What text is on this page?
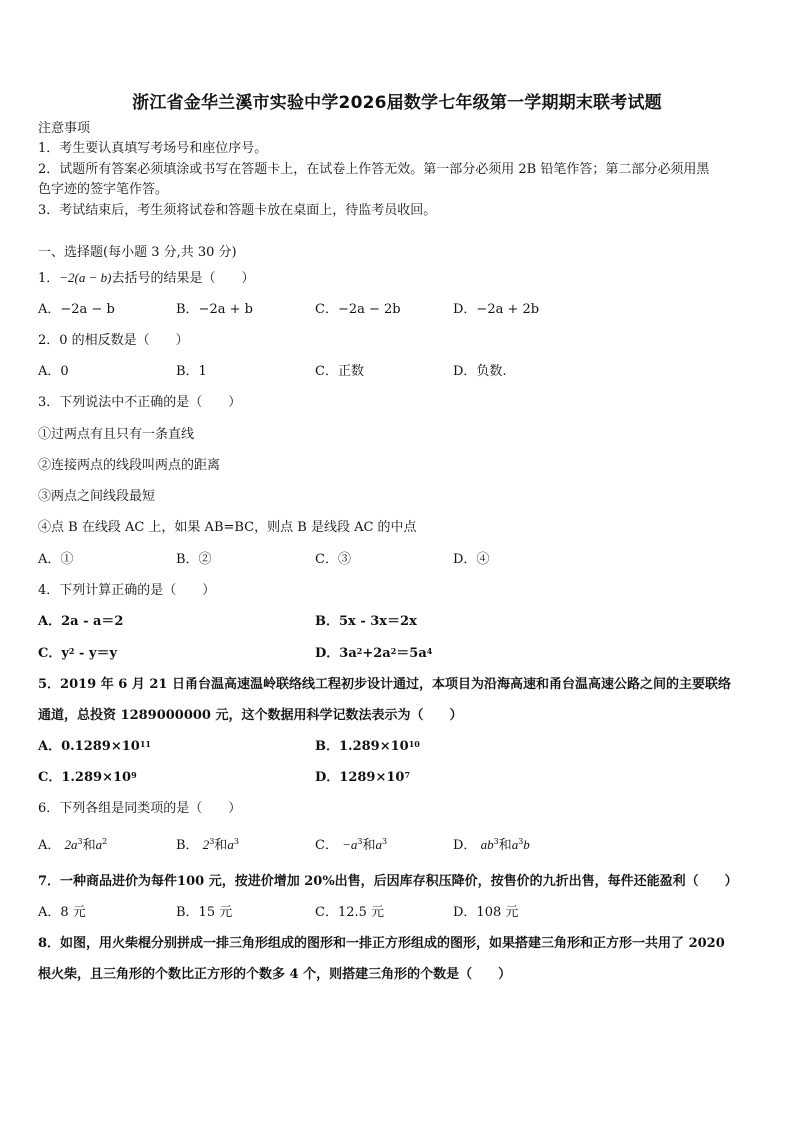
浙江省金华兰溪市实验中学2026届数学七年级第一学期期末联考试题
注意事项
1．考生要认真填写考场号和座位序号。
2．试题所有答案必须填涂或书写在答题卡上，在试卷上作答无效。第一部分必须用 2B 铅笔作答；第二部分必须用黑
色字迹的签字笔作答。
3．考试结束后，考生须将试卷和答题卡放在桌面上，待监考员收回。
一、选择题(每小题 3 分,共 30 分)
1．−2(a − b)去括号的结果是（　　）
A．−2a − b	B．−2a + b	C．−2a − 2b	D．−2a + 2b
2．0 的相反数是（　　）
A．0	B．1	C．正数	D．负数.
3．下列说法中不正确的是（　　）
①过两点有且只有一条直线
②连接两点的线段叫两点的距离
③两点之间线段最短
④点 B 在线段 AC 上，如果 AB=BC，则点 B 是线段 AC 的中点
A．①	B．②	C．③	D．④
4．下列计算正确的是（　　）
A．2a - a＝2	B．5x - 3x＝2x
C．$y^2 - y=y$	D．$3a^2+2a^2=5a^4$
5．2019 年 6 月 21 日甬台温高速温岭联络线工程初步设计通过，本项目为沿海高速和甬台温高速公路之间的主要联络
通道，总投资 1289000000 元，这个数据用科学记数法表示为（　　）
A．$0.1289\times 10^{11}$	B．$1.289\times 10^{10}$
C．$1.289\times 10^9$	D．$1289\times 10^7$
6．下列各组是同类项的是（　　）
A． $2a^3$和$a^2$	B． $2^3$和$a^3$	C． $-a^3$和$a^3$	D． $ab^3$和$a^3b$
7．一种商品进价为每件100 元，按进价增加 20%出售，后因库存积压降价，按售价的九折出售，每件还能盈利（　　）
A．8 元	B．15 元	C．12.5 元	D．108 元
8．如图，用火柴棍分别拼成一排三角形组成的图形和一排正方形组成的图形，如果搭建三角形和正方形一共用了 2020
根火柴，且三角形的个数比正方形的个数多 4 个，则搭建三角形的个数是（　　）
